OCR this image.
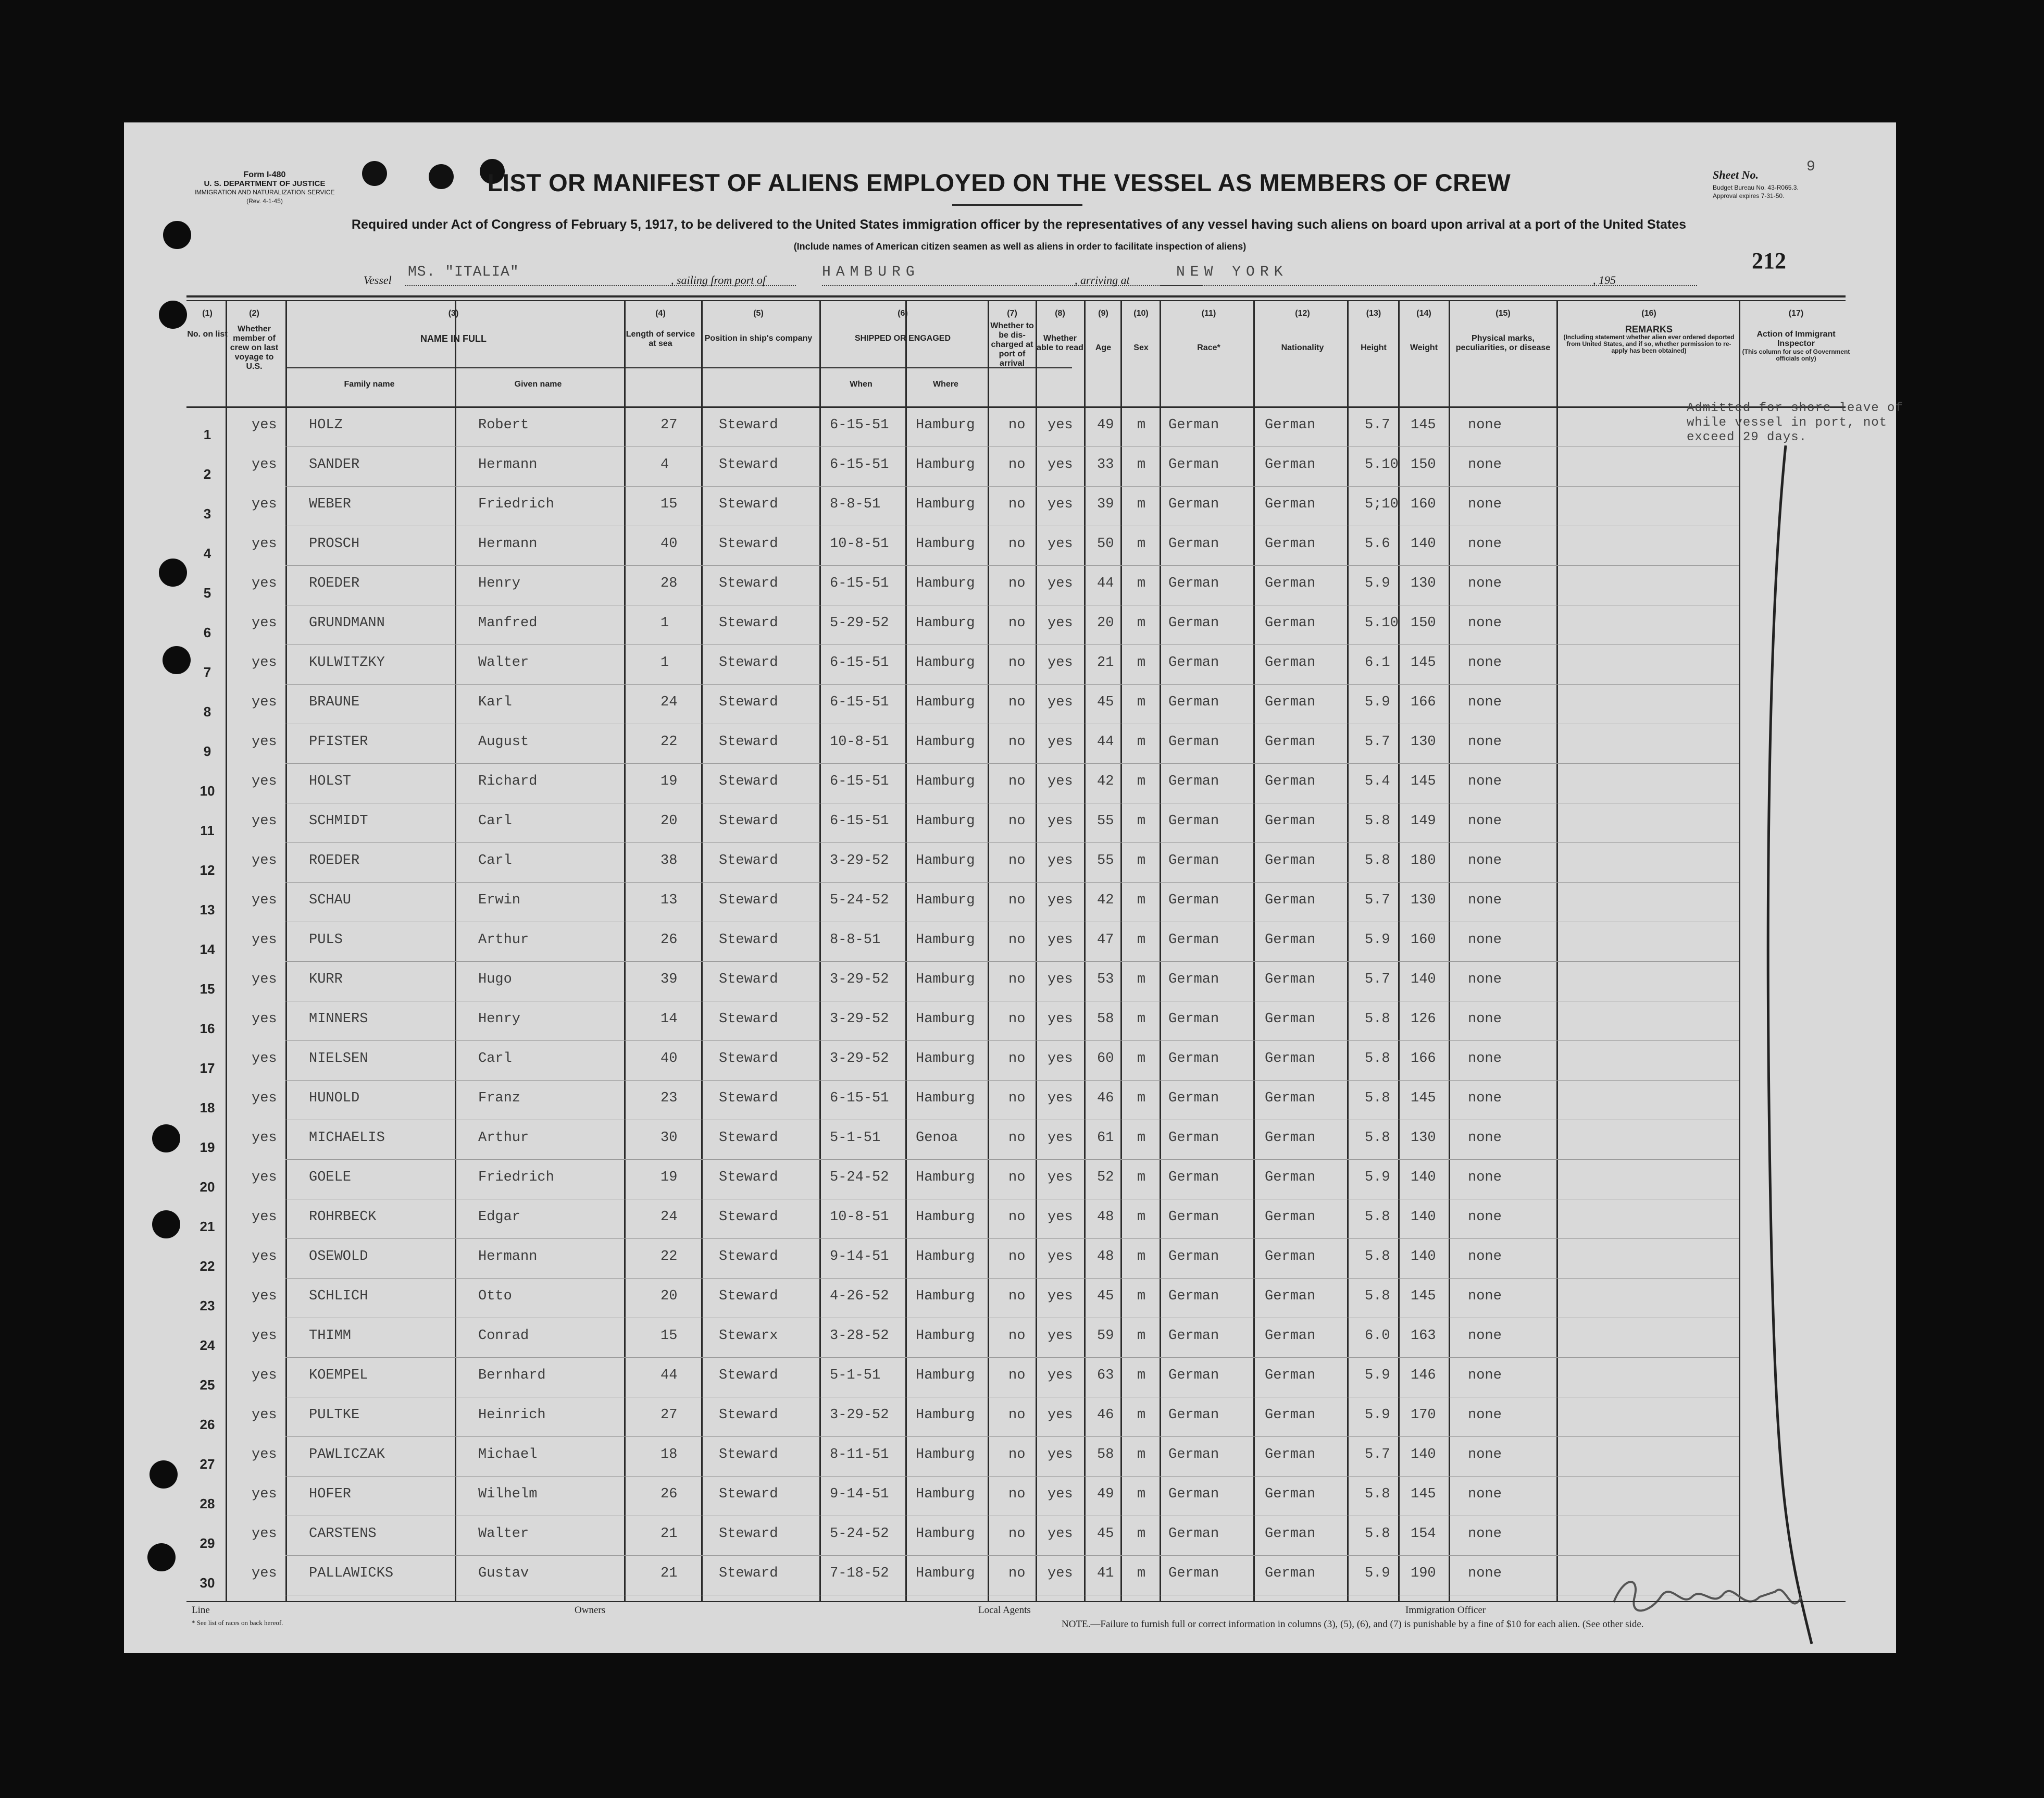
Form I-480
U. S. DEPARTMENT OF JUSTICE
IMMIGRATION AND NATURALIZATION SERVICE
(Rev. 4-1-45)
LIST OR MANIFEST OF ALIENS EMPLOYED ON THE VESSEL AS MEMBERS OF CREW
Required under Act of Congress of February 5, 1917, to be delivered to the United States immigration officer by the representatives of any vessel having such aliens on board upon arrival at a port of the United States
(Include names of American citizen seamen as well as aliens in order to facilitate inspection of aliens)
Sheet No.	9
Budget Bureau No. 43-R065.3.
Approval expires 7-31-50.
212
Vessel MS. "ITALIA"	, sailing from port of	HAMBURG	, arriving at	NEW YORK	, 195
(1)
No. on list
(2)
Whether member of crew on last voyage to U.S.
(3)
NAME IN FULL
Family name	Given name
(4)
Length of service at sea
(5)
Position in ship's company
(6)
SHIPPED OR ENGAGED
When	Where
(7)
Whether to be dis-charged at port of arrival
(8)
Whether able to read
(9)
Age
(10)
Sex
(11)
Race*
(12)
Nationality
(13)
Height
(14)
Weight
(15)
Physical marks, peculiarities, or disease
(16)
REMARKS
(Including statement whether alien ever ordered deported from United States, and if so, whether permission to re-apply has been obtained)
(17)
Action of Immigrant Inspector
(This column for use of Government officials only)
Admitted for shore leave of while vessel in port, not exceed 29 days.
1
yes HOLZ	Robert	27	Steward	6-15-51 Hamburg no yes 49 m German	German	5.7 145 none
2
yes SANDER	Hermann	4	Steward	6-15-51 Hamburg no yes 33 m German	German	5.10 150 none
3
yes WEBER	Friedrich	15	Steward	8-8-51	Hamburg no yes 39 m German	German	5;10 160 none
4
yes PROSCH	Hermann	40	Steward	10-8-51 Hamburg no yes 50 m German	German	5.6 140 none
5
yes ROEDER	Henry	28	Steward	6-15-51 Hamburg no yes 44 m German	German	5.9 130 none
6
yes GRUNDMANN	Manfred	1	Steward	5-29-52 Hamburg no yes 20 m German	German	5.10 150 none
7
yes KULWITZKY	Walter	1	Steward	6-15-51 Hamburg no yes 21 m German	German	6.1 145 none
8
yes BRAUNE	Karl	24	Steward	6-15-51 Hamburg no yes 45 m German	German	5.9 166 none
9
yes PFISTER	August	22	Steward	10-8-51 Hamburg no yes 44 m German	German	5.7 130 none
10
yes HOLST	Richard	19	Steward	6-15-51 Hamburg no yes 42 m German	German	5.4 145 none
11
yes SCHMIDT	Carl	20	Steward	6-15-51 Hamburg no yes 55 m German	German	5.8 149 none
12
yes ROEDER	Carl	38	Steward	3-29-52 Hamburg no yes 55 m German	German	5.8 180 none
13
yes SCHAU	Erwin	13	Steward	5-24-52 Hamburg no yes 42 m German	German	5.7 130 none
14
yes PULS	Arthur	26	Steward	8-8-51	Hamburg no yes 47 m German	German	5.9 160 none
15
yes KURR	Hugo	39	Steward	3-29-52 Hamburg no yes 53 m German	German	5.7 140 none
16
yes MINNERS	Henry	14	Steward	3-29-52 Hamburg no yes 58 m German	German	5.8 126 none
17
yes NIELSEN	Carl	40	Steward	3-29-52 Hamburg no yes 60 m German	German	5.8 166 none
18
yes HUNOLD	Franz	23	Steward	6-15-51 Hamburg no yes 46 m German	German	5.8 145 none
19
yes MICHAELIS	Arthur	30	Steward	5-1-51	Genoa	no yes 61 m German	German	5.8 130 none
20
yes GOELE	Friedrich	19	Steward	5-24-52 Hamburg no yes 52 m German	German	5.9 140 none
21
yes ROHRBECK	Edgar	24	Steward	10-8-51 Hamburg no yes 48 m German	German	5.8 140 none
22
yes OSEWOLD	Hermann	22	Steward	9-14-51 Hamburg no yes 48 m German	German	5.8 140 none
23
yes SCHLICH	Otto	20	Steward	4-26-52 Hamburg no yes 45 m German	German	5.8 145 none
24
yes THIMM	Conrad	15	Stewarx	3-28-52 Hamburg no yes 59 m German	German	6.0 163 none
25
yes KOEMPEL	Bernhard	44	Steward	5-1-51	Hamburg no yes 63 m German	German	5.9 146 none
26
yes PULTKE	Heinrich	27	Steward	3-29-52 Hamburg no yes 46 m German	German	5.9 170 none
27
yes PAWLICZAK	Michael	18	Steward	8-11-51 Hamburg no yes 58 m German	German	5.7 140 none
28
yes HOFER	Wilhelm	26	Steward	9-14-51 Hamburg no yes 49 m German	German	5.8 145 none
29
yes CARSTENS	Walter	21	Steward	5-24-52 Hamburg no yes 45 m German	German	5.8 154 none
30
yes PALLAWICKS	Gustav	21	Steward	7-18-52 Hamburg no yes 41 m German	German	5.9 190 none
Line	Owners	Local Agents	Immigration Officer
* See list of races on back hereof.	NOTE.—Failure to furnish full or correct information in columns (3), (5), (6), and (7) is punishable by a fine of $10 for each alien. (See other side.
